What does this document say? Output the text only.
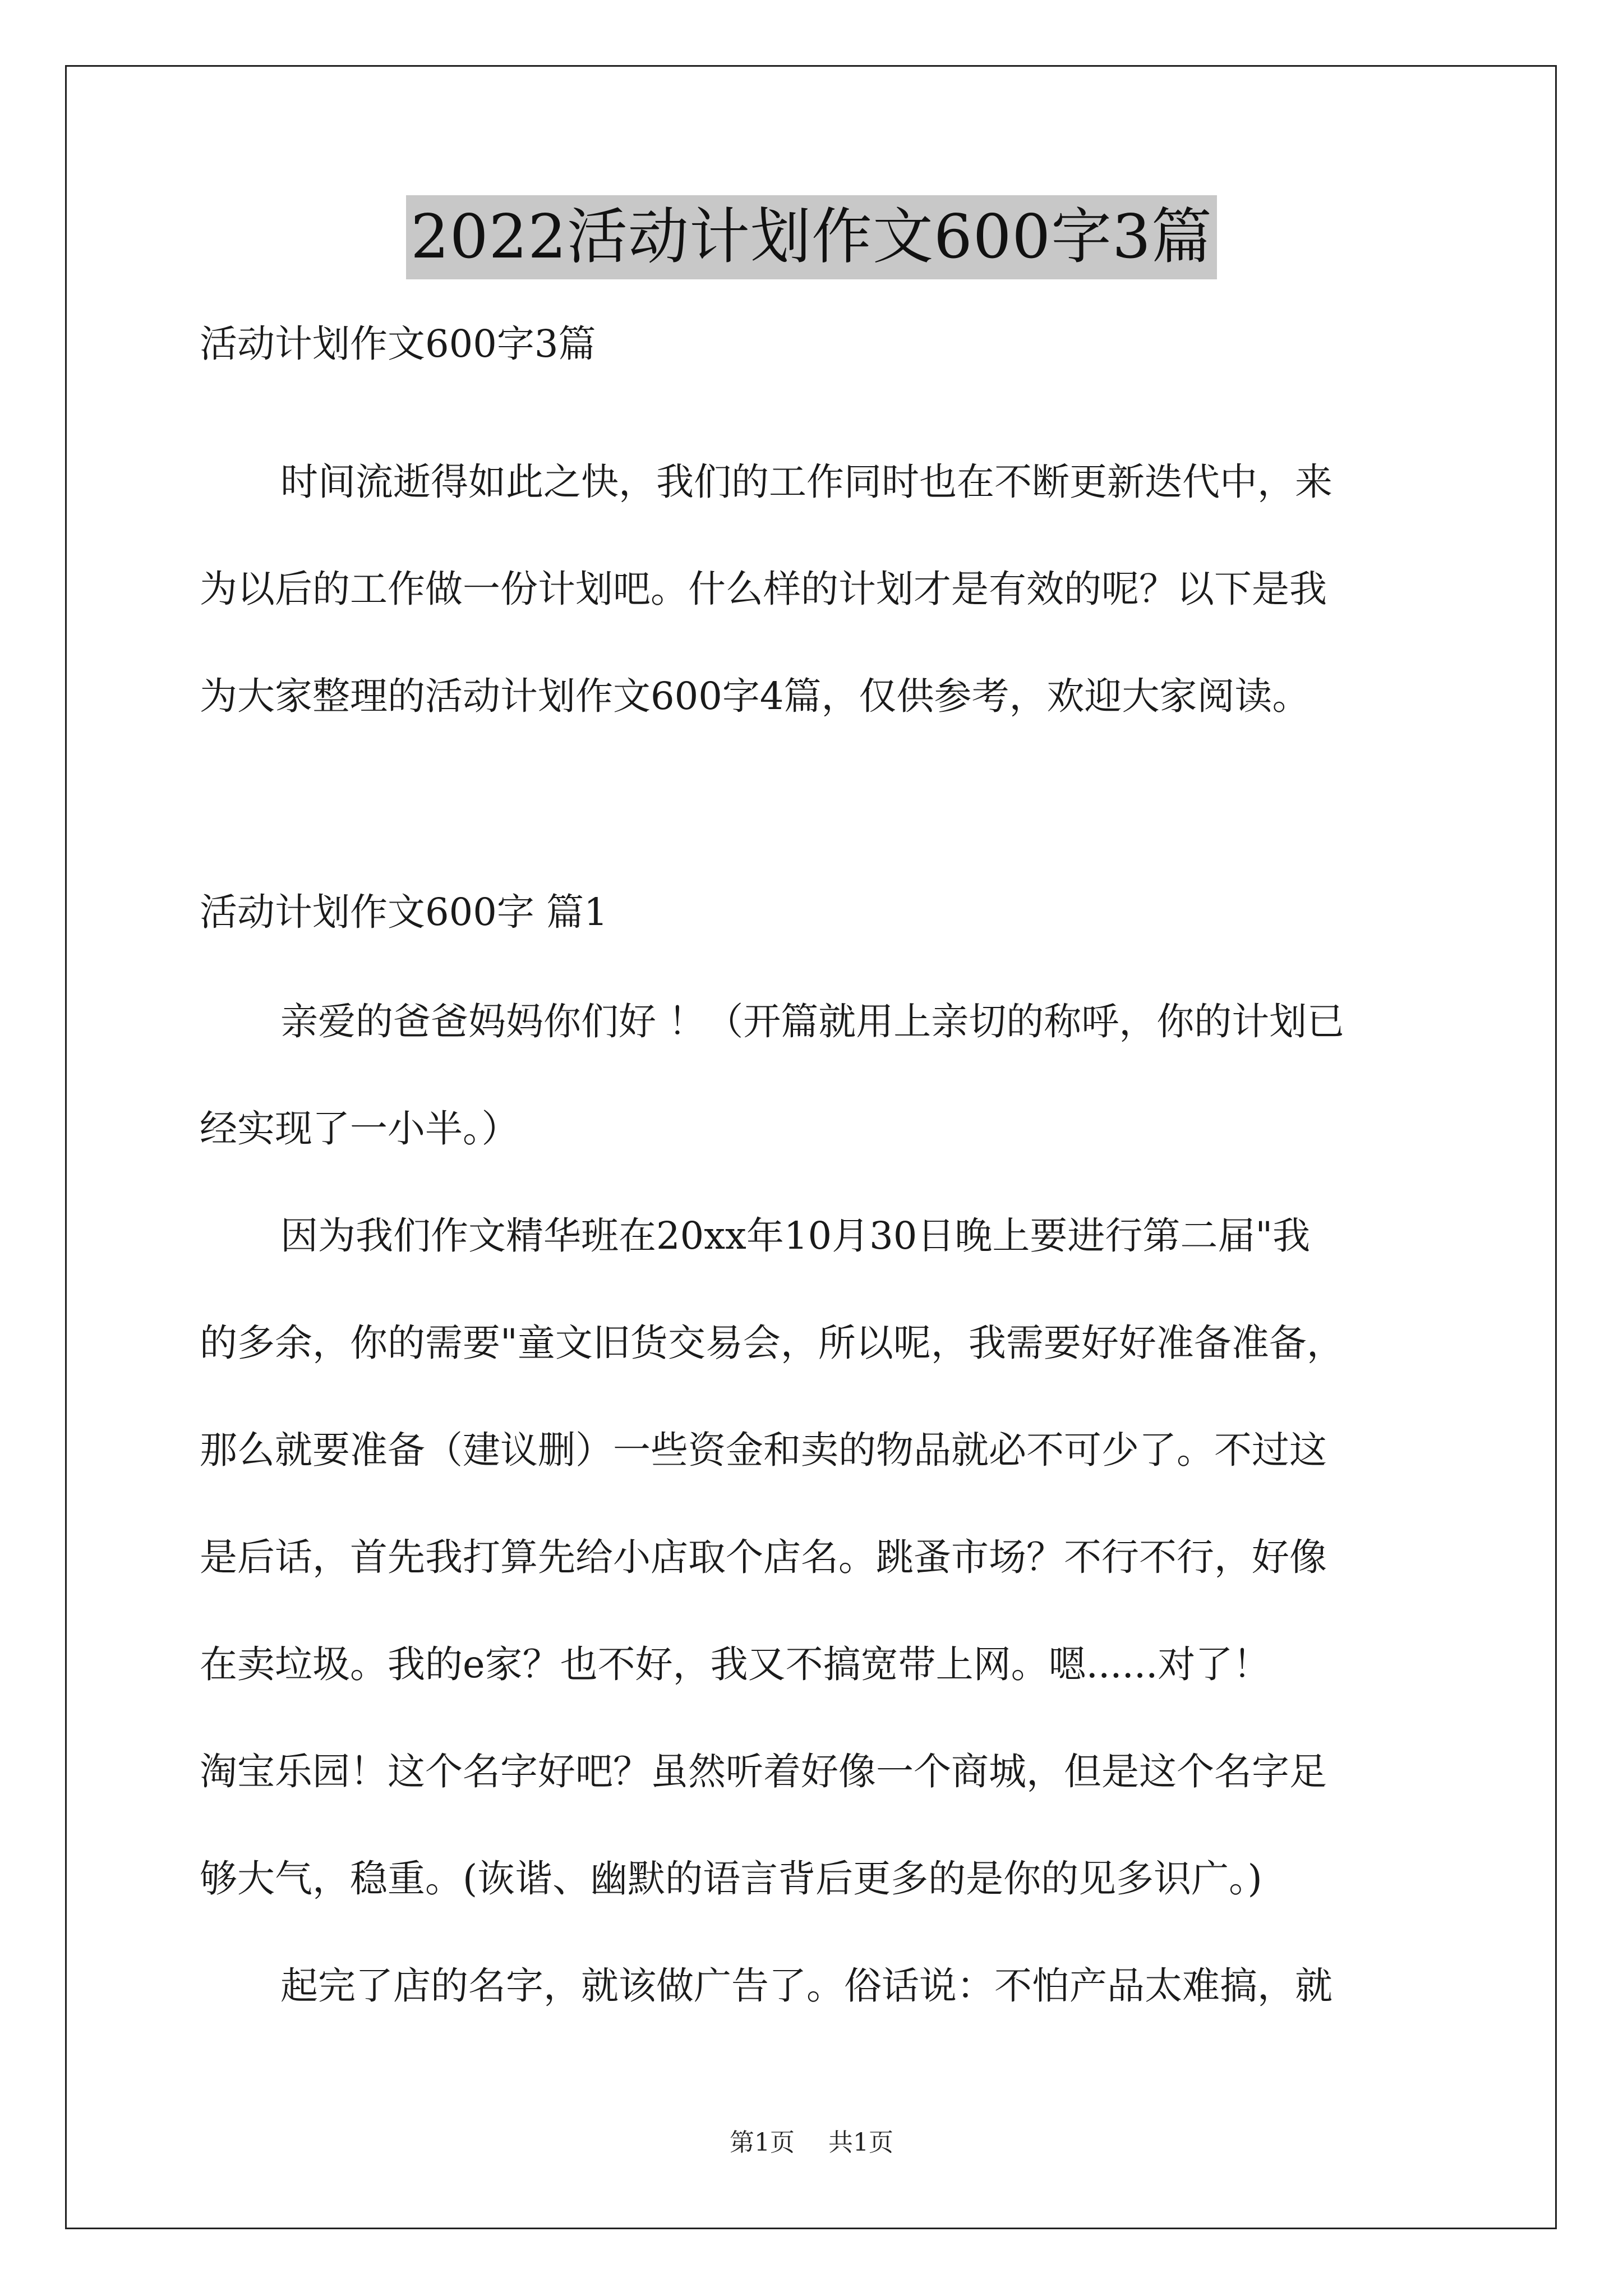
2022活动计划作文600字3篇
活动计划作文600字3篇
时间流逝得如此之快，我们的工作同时也在不断更新迭代中，来
为以后的工作做一份计划吧。什么样的计划才是有效的呢？以下是我
为大家整理的活动计划作文600字4篇，仅供参考，欢迎大家阅读。
活动计划作文600字 篇1
亲爱的爸爸妈妈你们好 ！（开篇就用上亲切的称呼，你的计划已
经实现了一小半。）
因为我们作文精华班在20xx年10月30日晚上要进行第二届"我
的多余，你的需要"童文旧货交易会，所以呢，我需要好好准备准备，
那么就要准备（建议删）一些资金和卖的物品就必不可少了。不过这
是后话，首先我打算先给小店取个店名。跳蚤市场？不行不行，好像
在卖垃圾。我的e家？也不好，我又不搞宽带上网。嗯......对了！
淘宝乐园！这个名字好吧？虽然听着好像一个商城，但是这个名字足
够大气，稳重。(诙谐、幽默的语言背后更多的是你的见多识广。)
起完了店的名字，就该做广告了。俗话说：不怕产品太难搞，就
第1页 共1页
